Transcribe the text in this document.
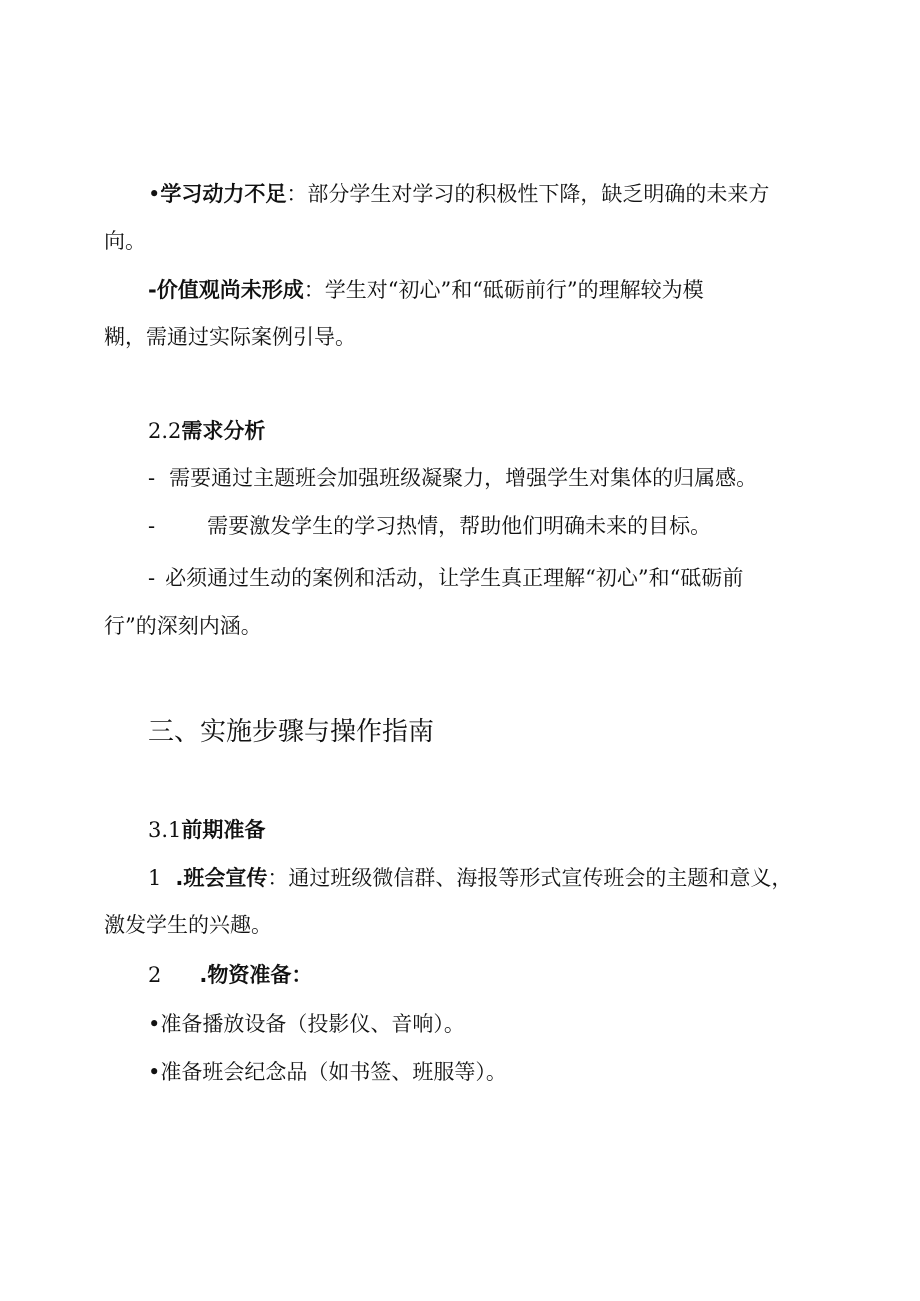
•学习动力不足：部分学生对学习的积极性下降，缺乏明确的未来方
向。
-价值观尚未形成：学生对“初心”和“砥砺前行”的理解较为模
糊，需通过实际案例引导。
2.2需求分析
- 需要通过主题班会加强班级凝聚力，增强学生对集体的归属感。
- 需要激发学生的学习热情，帮助他们明确未来的目标。
- 必须通过生动的案例和活动，让学生真正理解“初心”和“砥砺前
行”的深刻内涵。
三、实施步骤与操作指南
3.1前期准备
1 .班会宣传：通过班级微信群、海报等形式宣传班会的主题和意义，
激发学生的兴趣。
2 .物资准备：
•准备播放设备（投影仪、音响）。
•准备班会纪念品（如书签、班服等）。
